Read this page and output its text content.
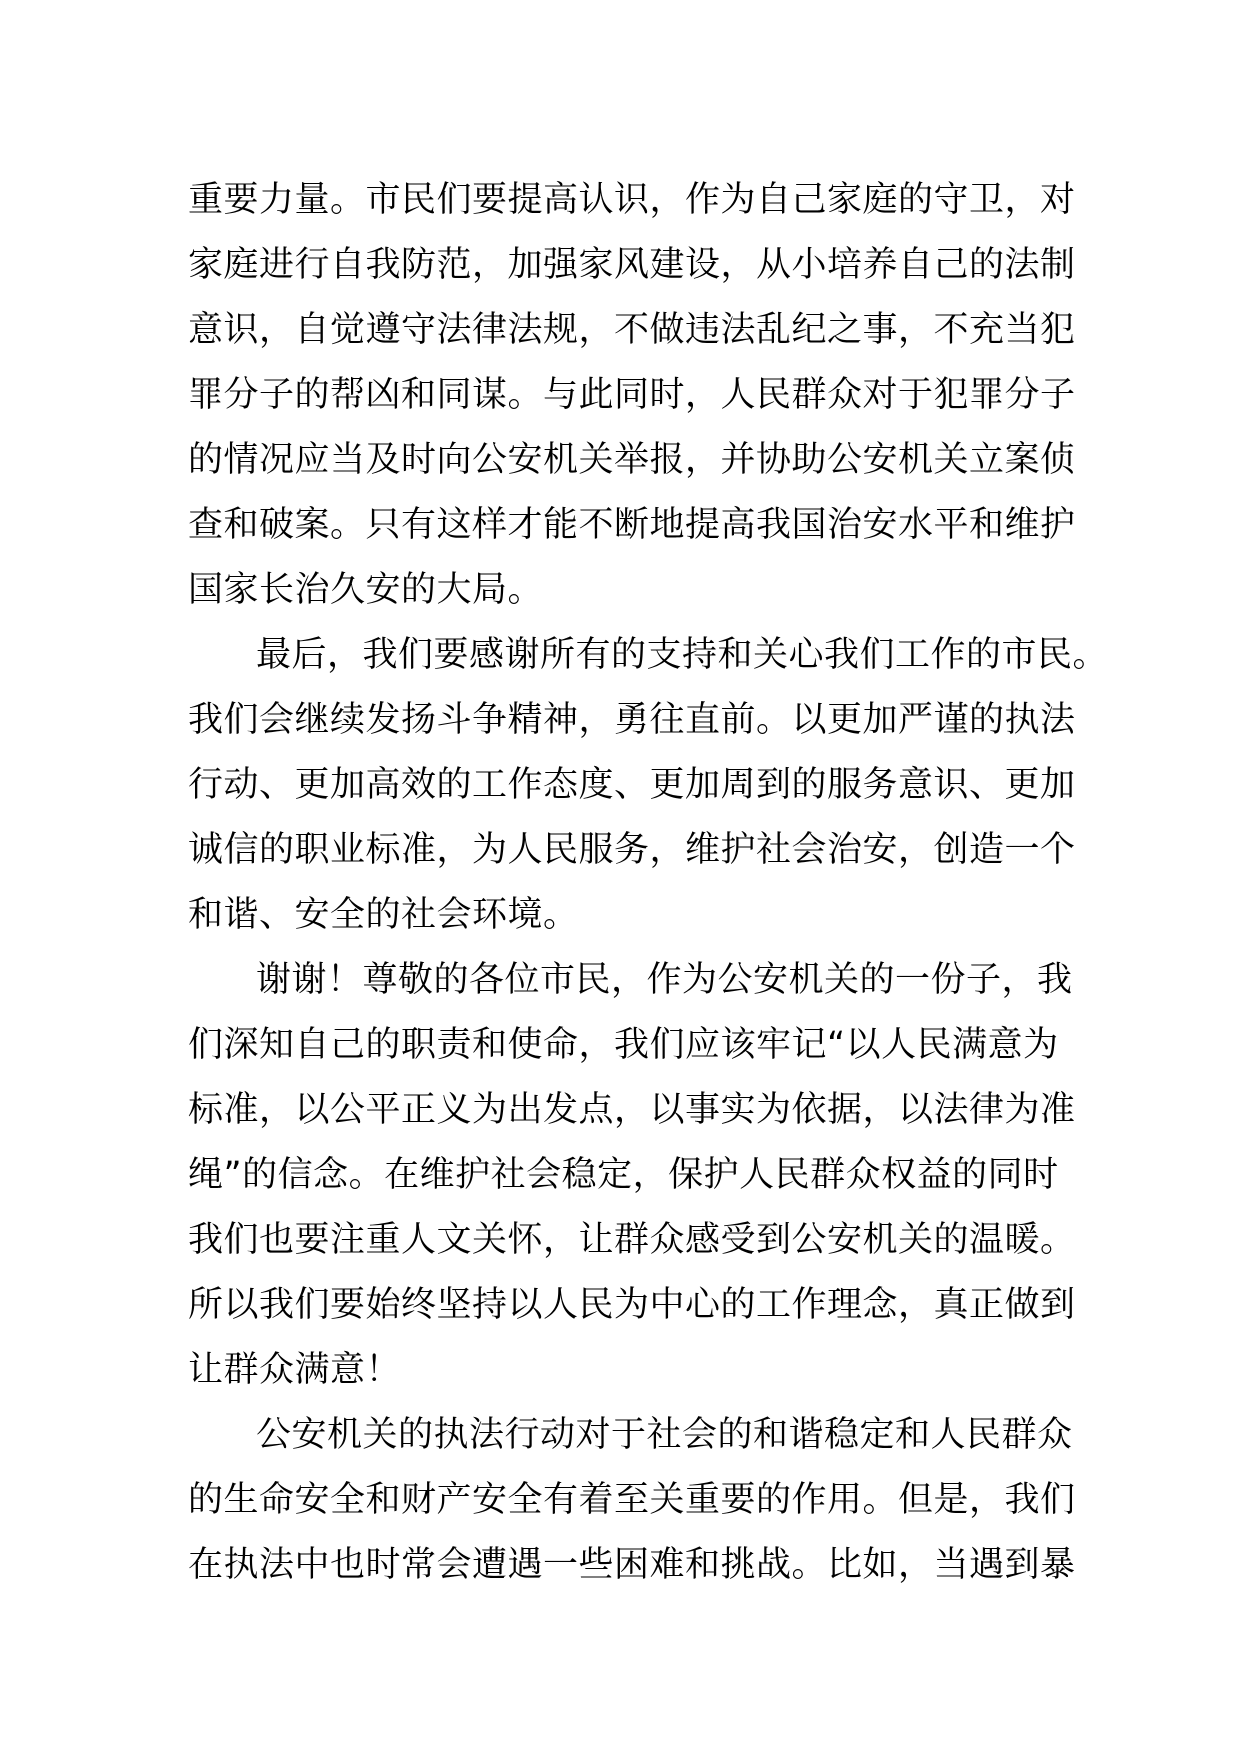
重要力量。市民们要提高认识，作为自己家庭的守卫，对
家庭进行自我防范，加强家风建设，从小培养自己的法制
意识，自觉遵守法律法规，不做违法乱纪之事，不充当犯
罪分子的帮凶和同谋。与此同时，人民群众对于犯罪分子
的情况应当及时向公安机关举报，并协助公安机关立案侦
查和破案。只有这样才能不断地提高我国治安水平和维护
国家长治久安的大局。
最后，我们要感谢所有的支持和关心我们工作的市民。
我们会继续发扬斗争精神，勇往直前。以更加严谨的执法
行动、更加高效的工作态度、更加周到的服务意识、更加
诚信的职业标准，为人民服务，维护社会治安，创造一个
和谐、安全的社会环境。
谢谢！尊敬的各位市民，作为公安机关的一份子，我
们深知自己的职责和使命，我们应该牢记“以人民满意为
标准，以公平正义为出发点，以事实为依据，以法律为准
绳”的信念。在维护社会稳定，保护人民群众权益的同时
我们也要注重人文关怀，让群众感受到公安机关的温暖。
所以我们要始终坚持以人民为中心的工作理念，真正做到
让群众满意！
公安机关的执法行动对于社会的和谐稳定和人民群众
的生命安全和财产安全有着至关重要的作用。但是，我们
在执法中也时常会遭遇一些困难和挑战。比如，当遇到暴
